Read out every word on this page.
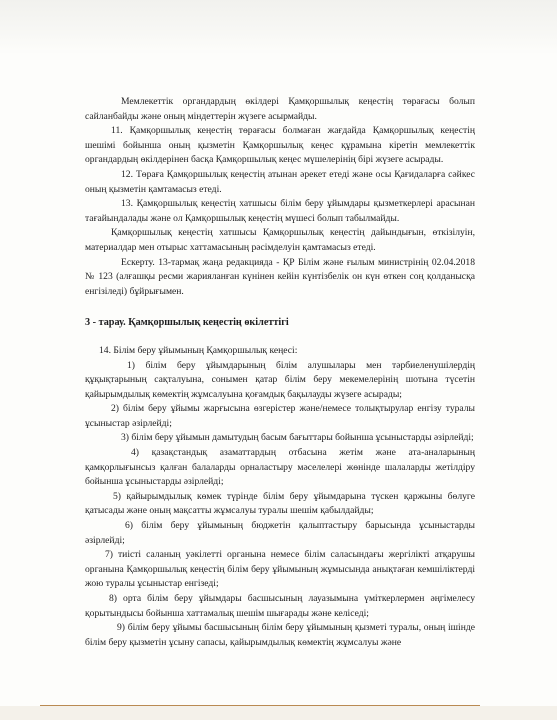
Мемлекеттік органдардың өкілдері Қамқоршылық кеңестің төрағасы болып сайланбайды және оның міндеттерін жүзеге асырмайды.

11. Қамқоршылық кеңестің төрағасы болмаған жағдайда Қамқоршылық кеңестің шешімі бойынша оның қызметін Қамқоршылық кеңес құрамына кіретін мемлекеттік органдардың өкілдерінен басқа Қамқоршылық кеңес мүшелерінің бірі жүзеге асырады.

12. Төраға Қамқоршылық кеңестің атынан әрекет етеді және осы Қағидаларға сәйкес оның қызметін қамтамасыз етеді.

13. Қамқоршылық кеңестің хатшысы білім беру ұйымдары қызметкерлері арасынан тағайындалады және ол Қамқоршылық кеңестің мүшесі болып табылмайды.

Қамқоршылық кеңестің хатшысы Қамқоршылық кеңестің дайындығын, өткізілуін, материалдар мен отырыс хаттамасының рәсімделуін қамтамасыз етеді.

Ескерту. 13-тармақ жаңа редакцияда - ҚР Білім және ғылым министрінің 02.04.2018 № 123 (алғашқы ресми жарияланған күнінен кейін күнтізбелік он күн өткен соң қолданысқа енгізіледі) бұйрығымен.

3 - тарау. Қамқоршылық кеңестің өкілеттігі

14. Білім беру ұйымының Қамқоршылық кеңесі:

1) білім беру ұйымдарының білім алушылары мен тәрбиеленушілердің құқықтарының сақталуына, сонымен қатар білім беру мекемелерінің шотына түсетін қайырымдылық көмектің жұмсалуына қоғамдық бақылауды жүзеге асырады;

2) білім беру ұйымы жарғысына өзгерістер және/немесе толықтырулар енгізу туралы ұсыныстар әзірлейді;

3) білім беру ұйымын дамытудың басым бағыттары бойынша ұсыныстарды әзірлейді;

4) қазақстандық азаматтардың отбасына жетім және ата-аналарының қамқорлығынсыз қалған балаларды орналастыру мәселелері жөнінде шалаларды жетілдіру бойынша ұсыныстарды әзірлейді;

5) қайырымдылық көмек түрінде білім беру ұйымдарына түскен қаржыны бөлуге қатысады және оның мақсатты жұмсалуы туралы шешім қабылдайды;

6) білім беру ұйымының бюджетін қалыптастыру барысында ұсыныстарды әзірлейді;

7) тиісті саланың уәкілетті органына немесе білім саласындағы жергілікті атқарушы органына Қамқоршылық кеңестің білім беру ұйымының жұмысында анықтаған кемшіліктерді жою туралы ұсыныстар енгізеді;

8) орта білім беру ұйымдары басшысының лауазымына үміткерлермен әңгімелесу қорытындысы бойынша хаттамалық шешім шығарады және келіседі;

9) білім беру ұйымы басшысының білім беру ұйымының қызметі туралы, оның ішінде білім беру қызметін ұсыну сапасы, қайырымдылық көмектің жұмсалуы және
